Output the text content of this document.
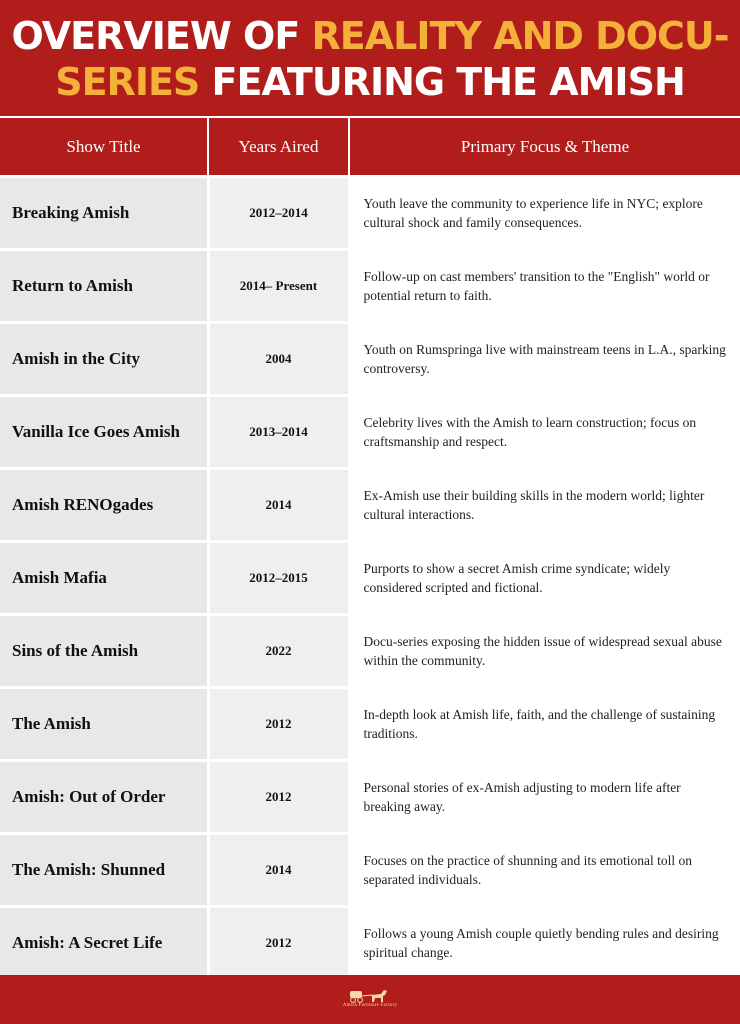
OVERVIEW OF REALITY AND DOCU-SERIES FEATURING THE AMISH
Show Title	Years Aired	Primary Focus & Theme
Breaking Amish	2012–2014	Youth leave the community to experience life in NYC; explore cultural shock and family consequences.
Return to Amish	2014– Present	Follow-up on cast members' transition to the "English" world or potential return to faith.
Amish in the City	2004	Youth on Rumspringa live with mainstream teens in L.A., sparking controversy.
Vanilla Ice Goes Amish	2013–2014	Celebrity lives with the Amish to learn construction; focus on craftsmanship and respect.
Amish RENOgades	2014	Ex-Amish use their building skills in the modern world; lighter cultural interactions.
Amish Mafia	2012–2015	Purports to show a secret Amish crime syndicate; widely considered scripted and fictional.
Sins of the Amish	2022	Docu-series exposing the hidden issue of widespread sexual abuse within the community.
The Amish	2012	In-depth look at Amish life, faith, and the challenge of sustaining traditions.
Amish: Out of Order	2012	Personal stories of ex-Amish adjusting to modern life after breaking away.
The Amish: Shunned	2014	Focuses on the practice of shunning and its emotional toll on separated individuals.
Amish: A Secret Life	2012	Follows a young Amish couple quietly bending rules and desiring spiritual change.
Amish Furniture Factory
